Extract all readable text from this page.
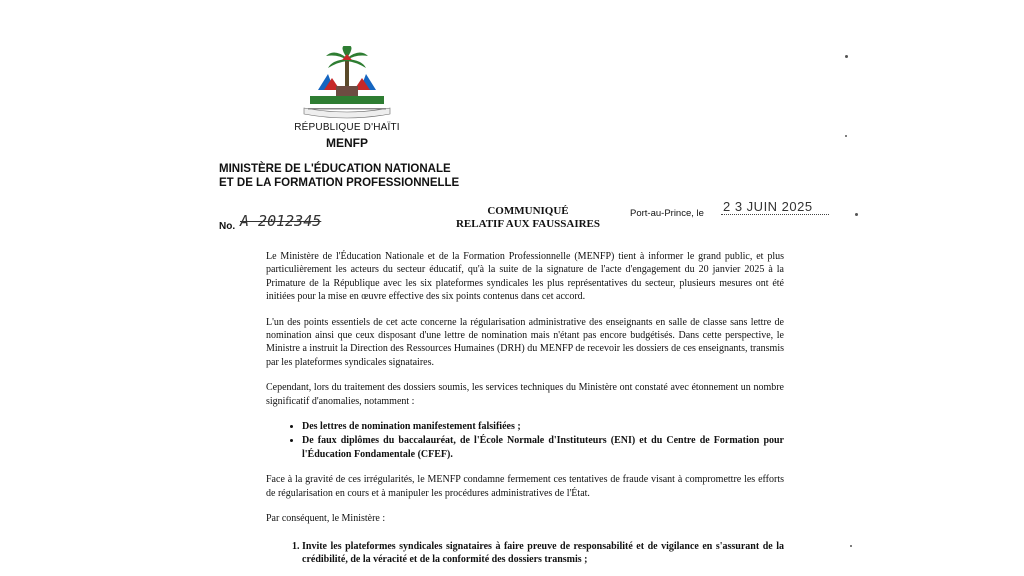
RÉPUBLIQUE D'HAÏTI
MENFP
MINISTÈRE DE L'ÉDUCATION NATIONALE
ET DE LA FORMATION PROFESSIONNELLE
No. A 2012345
COMMUNIQUÉ
RELATIF AUX FAUSSAIRES
Port-au-Prince, le 2 3 JUIN 2025

Le Ministère de l'Éducation Nationale et de la Formation Professionnelle (MENFP) tient à informer le grand public, et plus particulièrement les acteurs du secteur éducatif, qu'à la suite de la signature de l'acte d'engagement du 20 janvier 2025 à la Primature de la République avec les six plateformes syndicales les plus représentatives du secteur, plusieurs mesures ont été initiées pour la mise en œuvre effective des six points contenus dans cet accord.

L'un des points essentiels de cet acte concerne la régularisation administrative des enseignants en salle de classe sans lettre de nomination ainsi que ceux disposant d'une lettre de nomination mais n'étant pas encore budgétisés. Dans cette perspective, le Ministre a instruit la Direction des Ressources Humaines (DRH) du MENFP de recevoir les dossiers de ces enseignants, transmis par les plateformes syndicales signataires.

Cependant, lors du traitement des dossiers soumis, les services techniques du Ministère ont constaté avec étonnement un nombre significatif d'anomalies, notamment :

• Des lettres de nomination manifestement falsifiées ;
• De faux diplômes du baccalauréat, de l'École Normale d'Instituteurs (ENI) et du Centre de Formation pour l'Éducation Fondamentale (CFEF).

Face à la gravité de ces irrégularités, le MENFP condamne fermement ces tentatives de fraude visant à compromettre les efforts de régularisation en cours et à manipuler les procédures administratives de l'État.

Par conséquent, le Ministère :

1. Invite les plateformes syndicales signataires à faire preuve de responsabilité et de vigilance en s'assurant de la crédibilité, de la véracité et de la conformité des dossiers transmis ;
